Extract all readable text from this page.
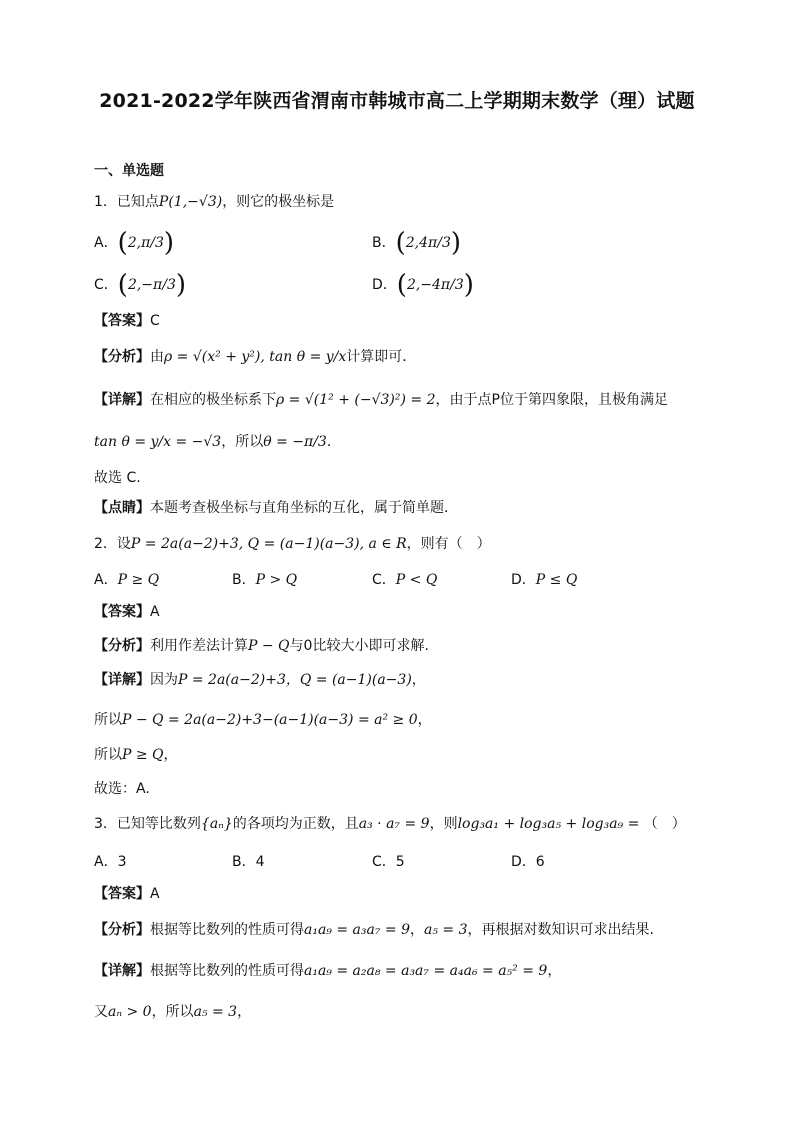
2021-2022学年陕西省渭南市韩城市高二上学期期末数学（理）试题
一、单选题
1．已知点P(1,−√3)，则它的极坐标是
A．(2,π/3)	B．(2,4π/3)
C．(2,−π/3)	D．(2,−4π/3)
【答案】C
【分析】由ρ = √(x² + y²), tan θ = y/x计算即可．
【详解】在相应的极坐标系下ρ = √(1² + (−√3)²) = 2，由于点P位于第四象限，且极角满足
tan θ = y/x = −√3，所以θ = −π/3.
故选 C.
【点睛】本题考查极坐标与直角坐标的互化，属于简单题．
2．设P = 2a(a−2)+3, Q = (a−1)(a−3), a ∈ R，则有（　）
A．P ≥ Q	B．P > Q	C．P < Q	D．P ≤ Q
【答案】A
【分析】利用作差法计算P − Q与0比较大小即可求解.
【详解】因为P = 2a(a−2)+3，Q = (a−1)(a−3)，
所以P − Q = 2a(a−2)+3−(a−1)(a−3) = a² ≥ 0，
所以P ≥ Q，
故选：A.
3．已知等比数列{aₙ}的各项均为正数，且a₃ · a₇ = 9，则log₃a₁ + log₃a₅ + log₃a₉ = （　）
A．3	B．4	C．5	D．6
【答案】A
【分析】根据等比数列的性质可得a₁a₉ = a₃a₇ = 9，a₅ = 3，再根据对数知识可求出结果.
【详解】根据等比数列的性质可得a₁a₉ = a₂a₈ = a₃a₇ = a₄a₆ = a₅² = 9，
又aₙ > 0，所以a₅ = 3，
